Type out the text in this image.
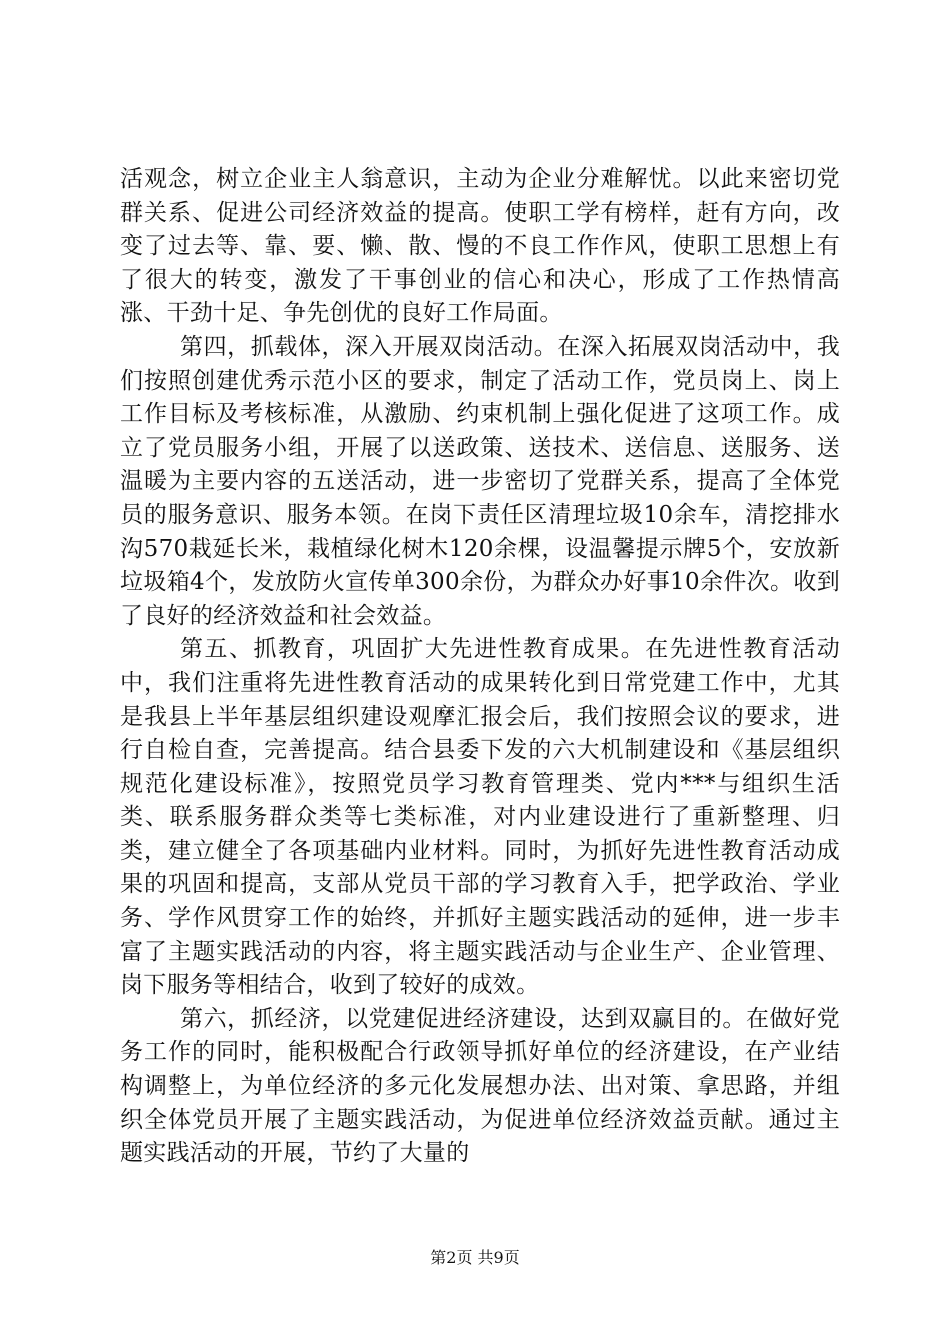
活观念，树立企业主人翁意识，主动为企业分难解忧。以此来密切党群关系、促进公司经济效益的提高。使职工学有榜样，赶有方向，改变了过去等、靠、要、懒、散、慢的不良工作作风，使职工思想上有了很大的转变，激发了干事创业的信心和决心，形成了工作热情高涨、干劲十足、争先创优的良好工作局面。

第四，抓载体，深入开展双岗活动。在深入拓展双岗活动中，我们按照创建优秀示范小区的要求，制定了活动工作，党员岗上、岗上工作目标及考核标准，从激励、约束机制上强化促进了这项工作。成立了党员服务小组，开展了以送政策、送技术、送信息、送服务、送温暖为主要内容的五送活动，进一步密切了党群关系，提高了全体党员的服务意识、服务本领。在岗下责任区清理垃圾10余车，清挖排水沟570栽延长米，栽植绿化树木120余棵，设温馨提示牌5个，安放新垃圾箱4个，发放防火宣传单300余份，为群众办好事10余件次。收到了良好的经济效益和社会效益。

第五、抓教育，巩固扩大先进性教育成果。在先进性教育活动中，我们注重将先进性教育活动的成果转化到日常党建工作中，尤其是我县上半年基层组织建设观摩汇报会后，我们按照会议的要求，进行自检自查，完善提高。结合县委下发的六大机制建设和《基层组织规范化建设标准》，按照党员学习教育管理类、党内***与组织生活类、联系服务群众类等七类标准，对内业建设进行了重新整理、归类，建立健全了各项基础内业材料。同时，为抓好先进性教育活动成果的巩固和提高，支部从党员干部的学习教育入手，把学政治、学业务、学作风贯穿工作的始终，并抓好主题实践活动的延伸，进一步丰富了主题实践活动的内容，将主题实践活动与企业生产、企业管理、岗下服务等相结合，收到了较好的成效。

第六，抓经济，以党建促进经济建设，达到双赢目的。在做好党务工作的同时，能积极配合行政领导抓好单位的经济建设，在产业结构调整上，为单位经济的多元化发展想办法、出对策、拿思路，并组织全体党员开展了主题实践活动，为促进单位经济效益贡献。通过主题实践活动的开展，节约了大量的

第2页 共9页
